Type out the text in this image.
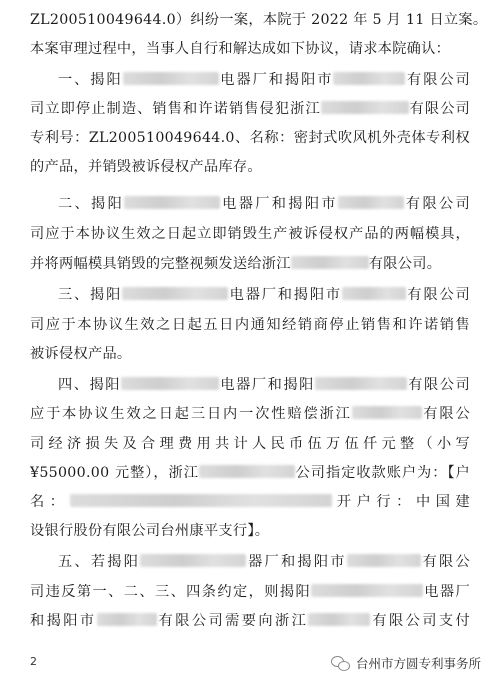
ZL200510049644.0）纠纷一案，本院于 2022 年 5 月 11 日立案。
本案审理过程中，当事人自行和解达成如下协议，请求本院确认：
一、揭阳	电器厂和揭阳市	有限公司
司立即停止制造、销售和许诺销售侵犯浙江	有限公司
专利号：ZL200510049644.0、名称：密封式吹风机外壳体专利权
的产品，并销毁被诉侵权产品库存。
二、揭阳	电器厂和揭阳市	有限公司
司应于本协议生效之日起立即销毁生产被诉侵权产品的两幅模具，
并将两幅模具销毁的完整视频发送给浙江	有限公司。
三、揭阳	电器厂和揭阳市	有限公司
司应于本协议生效之日起五日内通知经销商停止销售和许诺销售
被诉侵权产品。
四、揭阳	电器厂和揭阳	有限公司
应于本协议生效之日起三日内一次性赔偿浙江	有限公
司经济损失及合理费用共计人民币伍万伍仟元整（小写
¥55000.00 元整），浙江	公司指定收款账户为：【户
名：	开户行：中国建
设银行股份有限公司台州康平支行】。
五、若揭阳	器厂和揭阳市	有限公
司违反第一、二、三、四条约定，则揭阳	电器厂
和揭阳市	有限公司需要向浙江	有限公司支付
2	台州市方圆专利事务所
